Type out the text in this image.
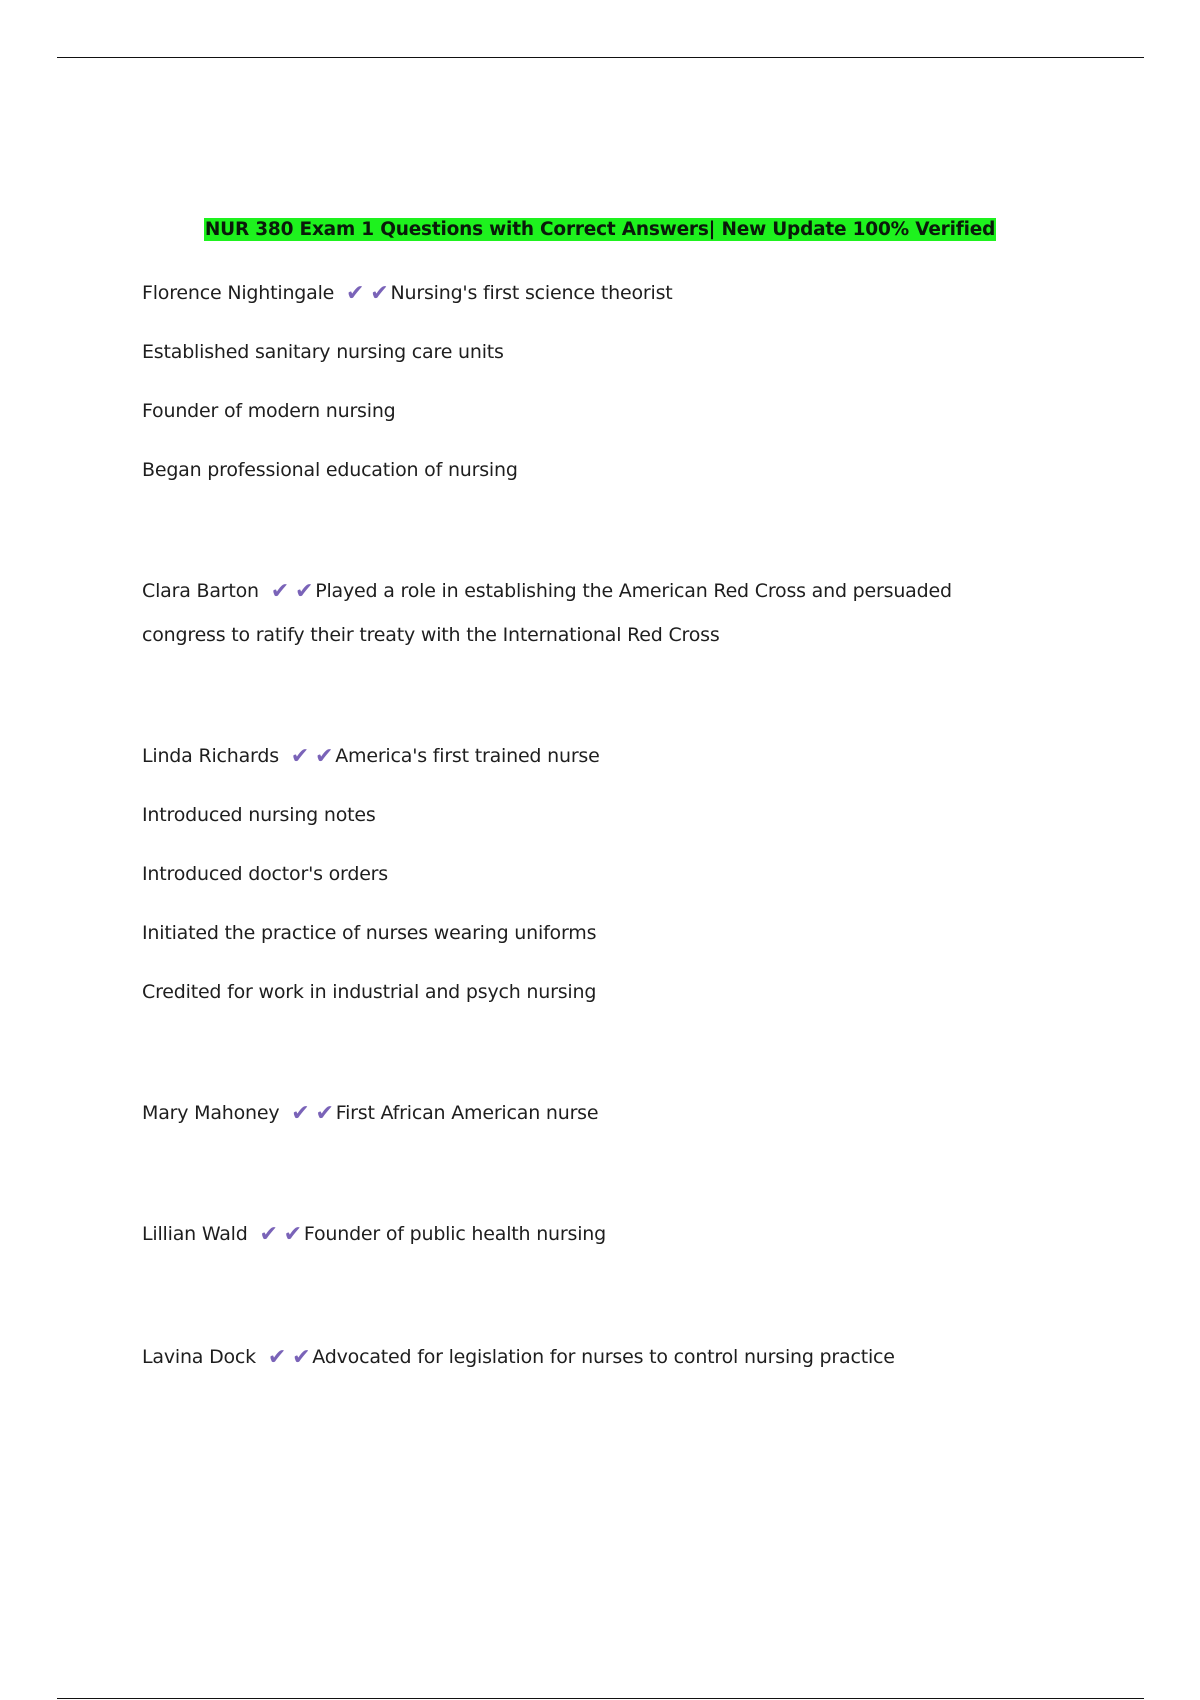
NUR 380 Exam 1 Questions with Correct Answers| New Update 100% Verified
Florence Nightingale ✔ ✔ Nursing's first science theorist
Established sanitary nursing care units
Founder of modern nursing
Began professional education of nursing
Clara Barton ✔ ✔ Played a role in establishing the American Red Cross and persuaded
congress to ratify their treaty with the International Red Cross
Linda Richards ✔ ✔ America's first trained nurse
Introduced nursing notes
Introduced doctor's orders
Initiated the practice of nurses wearing uniforms
Credited for work in industrial and psych nursing
Mary Mahoney ✔ ✔ First African American nurse
Lillian Wald ✔ ✔ Founder of public health nursing
Lavina Dock ✔ ✔ Advocated for legislation for nurses to control nursing practice
